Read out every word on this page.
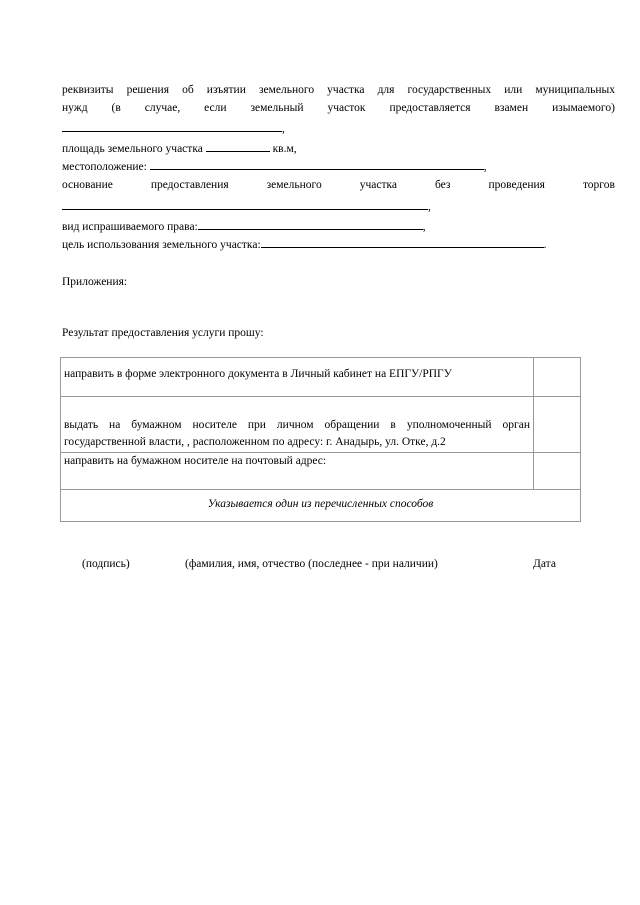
реквизиты решения об изъятии земельного участка для государственных или муниципальных
нужд (в случае, если земельный участок предоставляется взамен изымаемого)
,
площадь земельного участка	кв.м,
местоположение:	,
основание	предоставления	земельного	участка	без	проведения	торгов
,
вид испрашиваемого права:	,
цель использования земельного участка:	.
Приложения:
Результат предоставления услуги прошу:
направить в форме электронного документа в Личный кабинет на ЕПГУ/РПГУ	
выдать на бумажном носителе при личном обращении в уполномоченный орган государственной власти, , расположенном по адресу: г. Анадырь, ул. Отке, д.2	
направить на бумажном носителе на почтовый адрес:	
Указывается один из перечисленных способов	
(подпись)	(фамилия, имя, отчество (последнее - при наличии)	Дата
